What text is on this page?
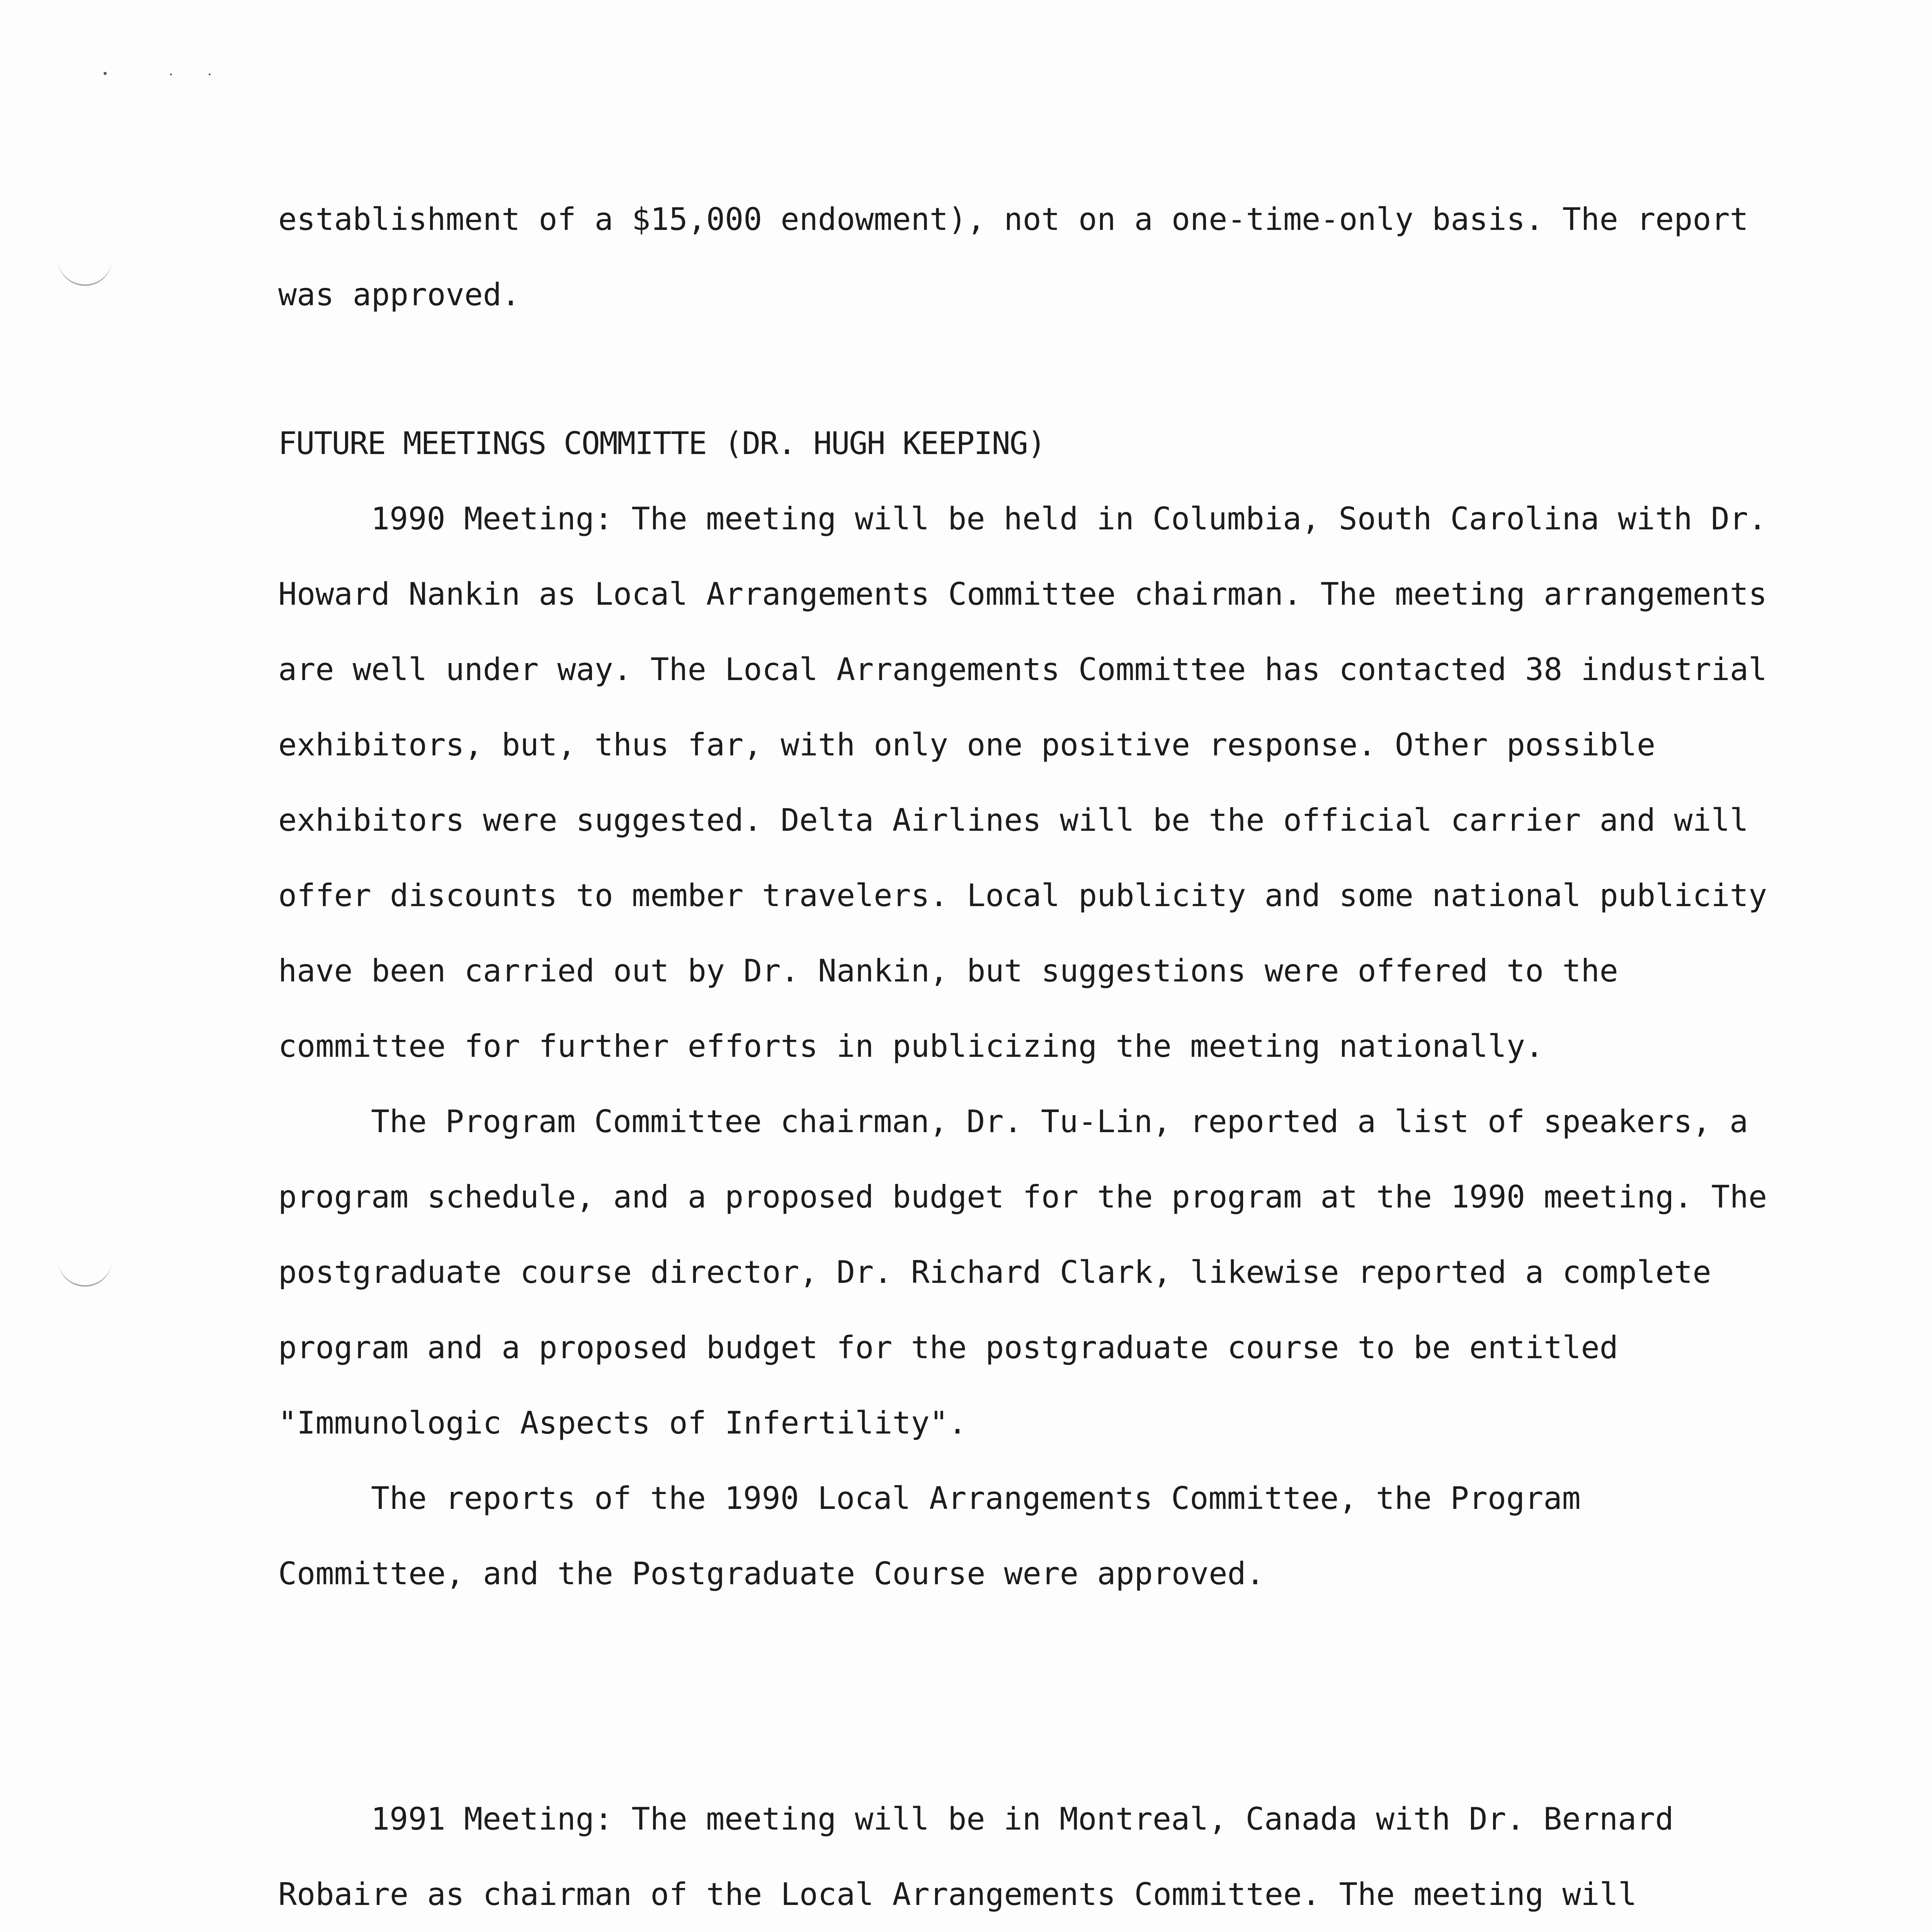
establishment of a $15,000 endowment), not on a one-time-only basis. The report was approved.

FUTURE MEETINGS COMMITTE (DR. HUGH KEEPING)

1990 Meeting: The meeting will be held in Columbia, South Carolina with Dr. Howard Nankin as Local Arrangements Committee chairman. The meeting arrangements are well under way. The Local Arrangements Committee has contacted 38 industrial exhibitors, but, thus far, with only one positive response. Other possible exhibitors were suggested. Delta Airlines will be the official carrier and will offer discounts to member travelers. Local publicity and some national publicity have been carried out by Dr. Nankin, but suggestions were offered to the committee for further efforts in publicizing the meeting nationally.

The Program Committee chairman, Dr. Tu-Lin, reported a list of speakers, a program schedule, and a proposed budget for the program at the 1990 meeting. The postgraduate course director, Dr. Richard Clark, likewise reported a complete program and a proposed budget for the postgraduate course to be entitled "Immunologic Aspects of Infertility".

The reports of the 1990 Local Arrangements Committee, the Program Committee, and the Postgraduate Course were approved.

1991 Meeting: The meeting will be in Montreal, Canada with Dr. Bernard Robaire as chairman of the Local Arrangements Committee. The meeting will
